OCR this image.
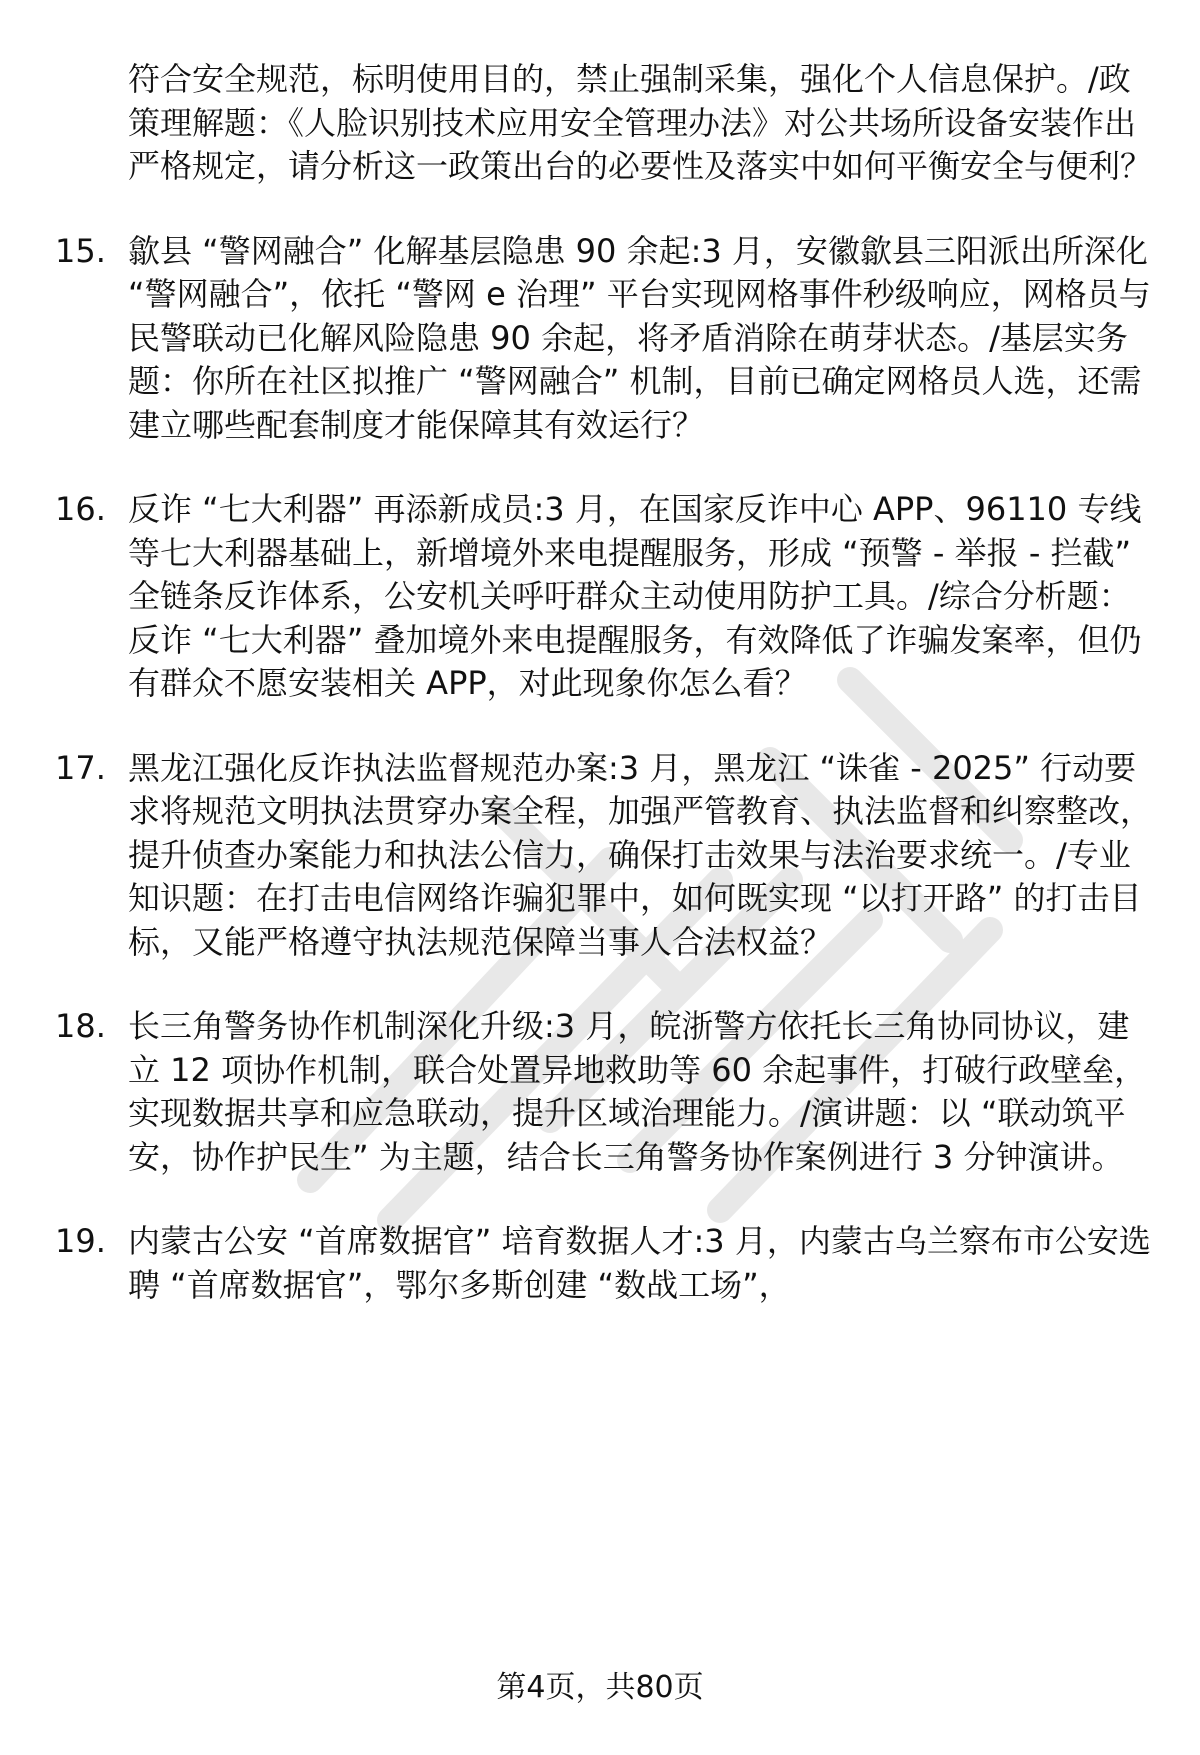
符合安全规范，标明使用目的，禁止强制采集，强化个人信息保护。/政策理解题：《人脸识别技术应用安全管理办法》对公共场所设备安装作出严格规定，请分析这一政策出台的必要性及落实中如何平衡安全与便利？

15. 歙县 “警网融合” 化解基层隐患 90 余起:3 月，安徽歙县三阳派出所深化 “警网融合”，依托 “警网 e 治理” 平台实现网格事件秒级响应，网格员与民警联动已化解风险隐患 90 余起，将矛盾消除在萌芽状态。/基层实务题：你所在社区拟推广 “警网融合” 机制，目前已确定网格员人选，还需建立哪些配套制度才能保障其有效运行？
16. 反诈 “七大利器” 再添新成员:3 月，在国家反诈中心 APP、96110 专线等七大利器基础上，新增境外来电提醒服务，形成 “预警 - 举报 - 拦截” 全链条反诈体系，公安机关呼吁群众主动使用防护工具。/综合分析题：反诈 “七大利器” 叠加境外来电提醒服务，有效降低了诈骗发案率，但仍有群众不愿安装相关 APP，对此现象你怎么看？
17. 黑龙江强化反诈执法监督规范办案:3 月，黑龙江 “诛雀 - 2025” 行动要求将规范文明执法贯穿办案全程，加强严管教育、执法监督和纠察整改，提升侦查办案能力和执法公信力，确保打击效果与法治要求统一。/专业知识题：在打击电信网络诈骗犯罪中，如何既实现 “以打开路” 的打击目标，又能严格遵守执法规范保障当事人合法权益？
18. 长三角警务协作机制深化升级:3 月，皖浙警方依托长三角协同协议，建立 12 项协作机制，联合处置异地救助等 60 余起事件，打破行政壁垒，实现数据共享和应急联动，提升区域治理能力。/演讲题：以 “联动筑平安，协作护民生” 为主题，结合长三角警务协作案例进行 3 分钟演讲。
19. 内蒙古公安 “首席数据官” 培育数据人才:3 月，内蒙古乌兰察布市公安选聘 “首席数据官”，鄂尔多斯创建 “数战工场”，
第4页，共80页
